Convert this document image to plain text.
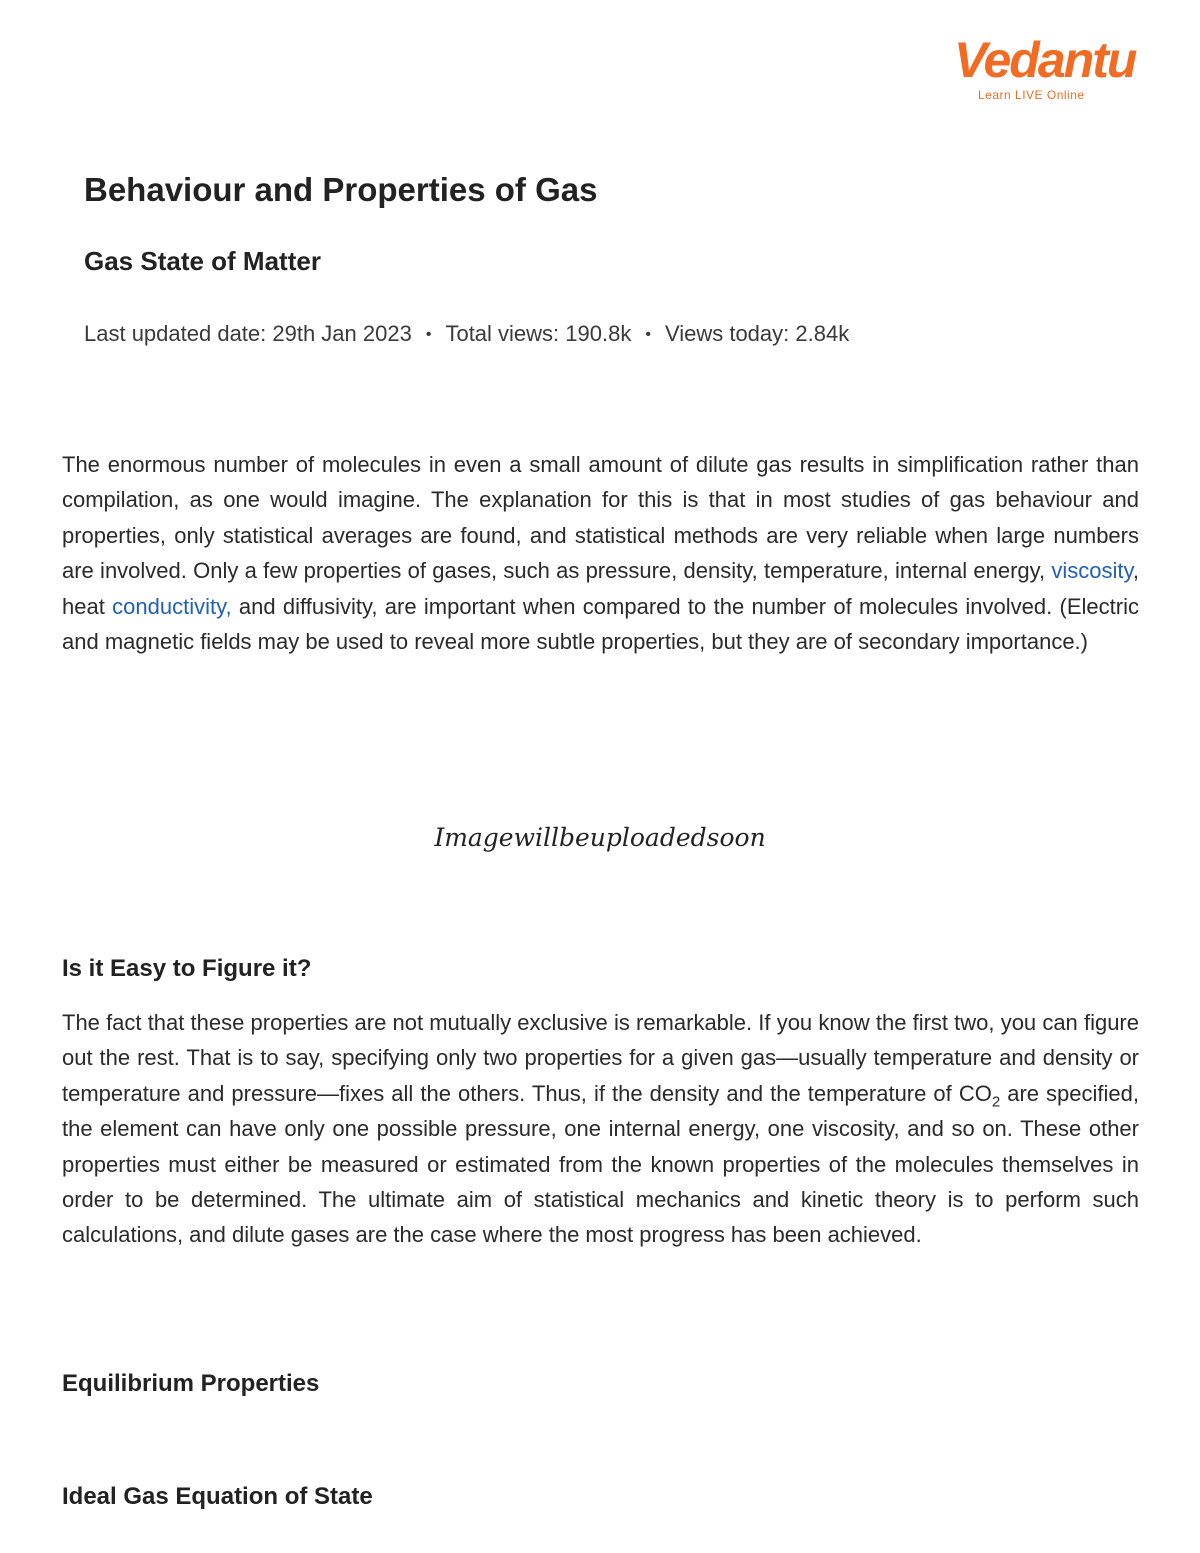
Vedantu
Learn LIVE Online
Behaviour and Properties of Gas
Gas State of Matter
Last updated date: 29th Jan 2023 • Total views: 190.8k • Views today: 2.84k

The enormous number of molecules in even a small amount of dilute gas results in simplification rather than compilation, as one would imagine. The explanation for this is that in most studies of gas behaviour and properties, only statistical averages are found, and statistical methods are very reliable when large numbers are involved. Only a few properties of gases, such as pressure, density, temperature, internal energy, viscosity, heat conductivity, and diffusivity, are important when compared to the number of molecules involved. (Electric and magnetic fields may be used to reveal more subtle properties, but they are of secondary importance.)

Imagewillbeuploadedsoon
Is it Easy to Figure it?

The fact that these properties are not mutually exclusive is remarkable. If you know the first two, you can figure out the rest. That is to say, specifying only two properties for a given gas—usually temperature and density or temperature and pressure—fixes all the others. Thus, if the density and the temperature of $CO_2$ are specified, the element can have only one possible pressure, one internal energy, one viscosity, and so on. These other properties must either be measured or estimated from the known properties of the molecules themselves in order to be determined. The ultimate aim of statistical mechanics and kinetic theory is to perform such calculations, and dilute gases are the case where the most progress has been achieved.

Equilibrium Properties
Ideal Gas Equation of State
